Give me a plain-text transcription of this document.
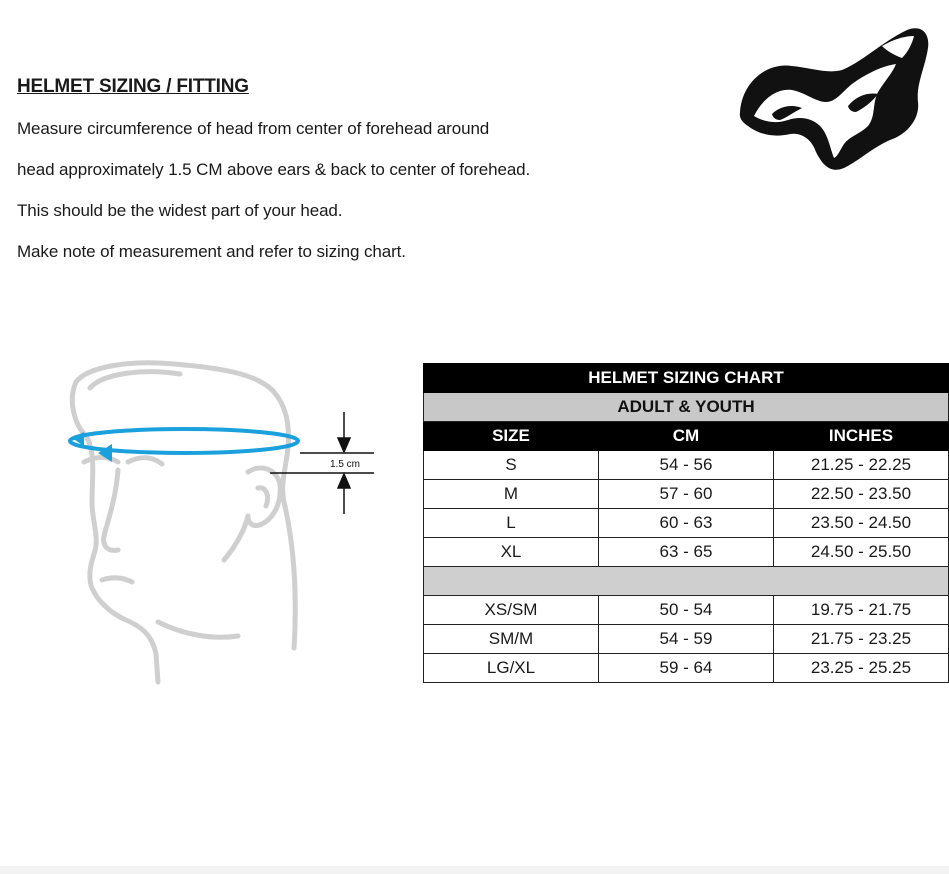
HELMET SIZING / FITTING
Measure circumference of head from center of forehead around
head approximately 1.5 CM above ears & back to center of forehead.
This should be the widest part of your head.
Make note of measurement and refer to sizing chart.
1.5 cm
HELMET SIZING CHART		
ADULT & YOUTH		
SIZE	CM	INCHES
S	54 - 56	21.25 - 22.25
M	57 - 60	22.50 - 23.50
L	60 - 63	23.50 - 24.50
XL	63 - 65	24.50 - 25.50

XS/SM	50 - 54	19.75 - 21.75
SM/M	54 - 59	21.75 - 23.25
LG/XL	59 - 64	23.25 - 25.25
